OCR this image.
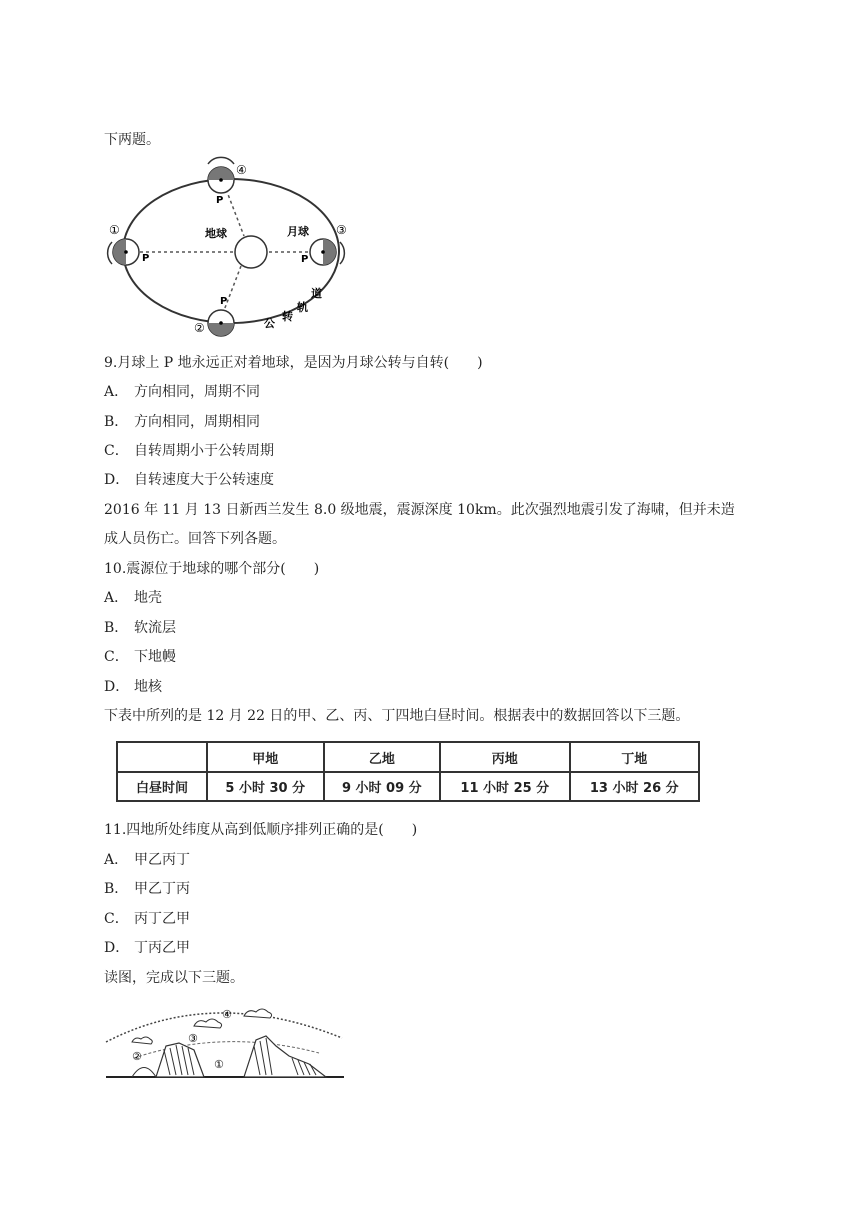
下两题。
①
④
③
②
P
P
P
P
地球	月球
道
轨
转
公
9.月球上 P 地永远正对着地球，是因为月球公转与自转(　　)
A． 方向相同，周期不同
B． 方向相同，周期相同
C． 自转周期小于公转周期
D． 自转速度大于公转速度
2016 年 11 月 13 日新西兰发生 8.0 级地震，震源深度 10km。此次强烈地震引发了海啸，但并未造
成人员伤亡。回答下列各题。
10.震源位于地球的哪个部分(　　)
A． 地壳
B． 软流层
C． 下地幔
D． 地核
下表中所列的是 12 月 22 日的甲、乙、丙、丁四地白昼时间。根据表中的数据回答以下三题。
	甲地	乙地	丙地	丁地
白昼时间	5 小时 30 分	9 小时 09 分	11 小时 25 分	13 小时 26 分
11.四地所处纬度从高到低顺序排列正确的是(　　)
A． 甲乙丙丁
B． 甲乙丁丙
C． 丙丁乙甲
D． 丁丙乙甲
读图，完成以下三题。
④
③
②
①
